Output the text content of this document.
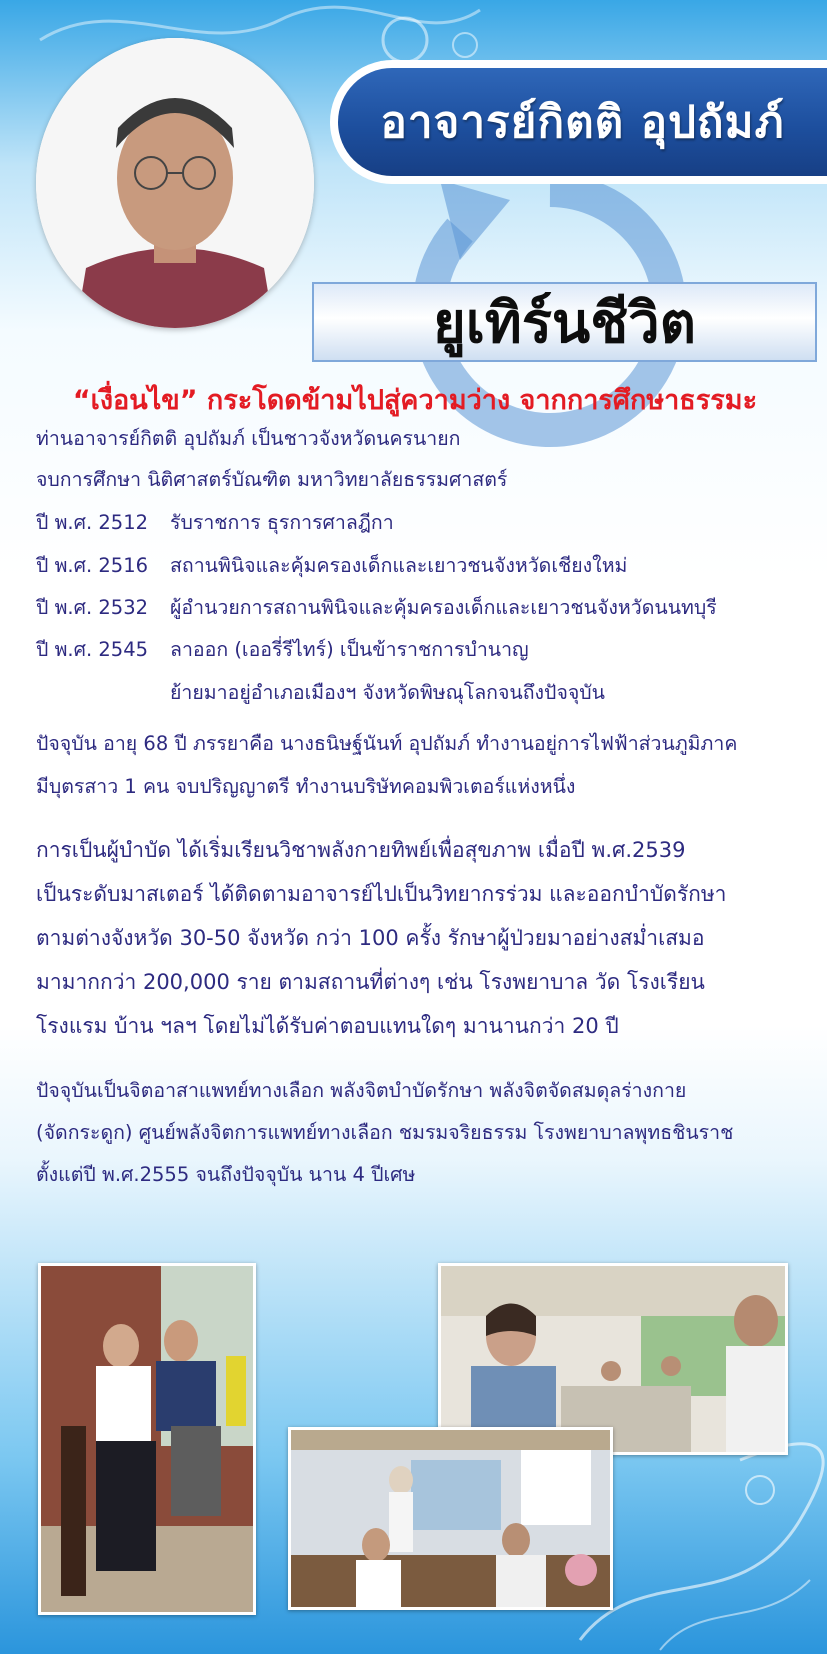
อาจารย์กิตติ อุปถัมภ์
ยูเทิร์นชีวิต
“เงื่อนไข” กระโดดข้ามไปสู่ความว่าง จากการศึกษาธรรมะ
ท่านอาจารย์กิตติ อุปถัมภ์ เป็นชาวจังหวัดนครนายก
จบการศึกษา นิติศาสตร์บัณฑิต มหาวิทยาลัยธรรมศาสตร์
ปี พ.ศ. 2512 รับราชการ ธุรการศาลฎีกา
ปี พ.ศ. 2516 สถานพินิจและคุ้มครองเด็กและเยาวชนจังหวัดเชียงใหม่
ปี พ.ศ. 2532 ผู้อำนวยการสถานพินิจและคุ้มครองเด็กและเยาวชนจังหวัดนนทบุรี
ปี พ.ศ. 2545 ลาออก (เออรี่รีไทร์) เป็นข้าราชการบำนาญ
ย้ายมาอยู่อำเภอเมืองฯ จังหวัดพิษณุโลกจนถึงปัจจุบัน
ปัจจุบัน อายุ 68 ปี ภรรยาคือ นางธนิษฐ์นันท์ อุปถัมภ์ ทำงานอยู่การไฟฟ้าส่วนภูมิภาค
มีบุตรสาว 1 คน จบปริญญาตรี ทำงานบริษัทคอมพิวเตอร์แห่งหนึ่ง
การเป็นผู้บำบัด ได้เริ่มเรียนวิชาพลังกายทิพย์เพื่อสุขภาพ เมื่อปี พ.ศ.2539
เป็นระดับมาสเตอร์ ได้ติดตามอาจารย์ไปเป็นวิทยากรร่วม และออกบำบัดรักษา
ตามต่างจังหวัด 30-50 จังหวัด กว่า 100 ครั้ง รักษาผู้ป่วยมาอย่างสม่ำเสมอ
มามากกว่า 200,000 ราย ตามสถานที่ต่างๆ เช่น โรงพยาบาล วัด โรงเรียน
โรงแรม บ้าน ฯลฯ โดยไม่ได้รับค่าตอบแทนใดๆ มานานกว่า 20 ปี
ปัจจุบันเป็นจิตอาสาแพทย์ทางเลือก พลังจิตบำบัดรักษา พลังจิตจัดสมดุลร่างกาย
(จัดกระดูก) ศูนย์พลังจิตการแพทย์ทางเลือก ชมรมจริยธรรม โรงพยาบาลพุทธชินราช
ตั้งแต่ปี พ.ศ.2555 จนถึงปัจจุบัน นาน 4 ปีเศษ
